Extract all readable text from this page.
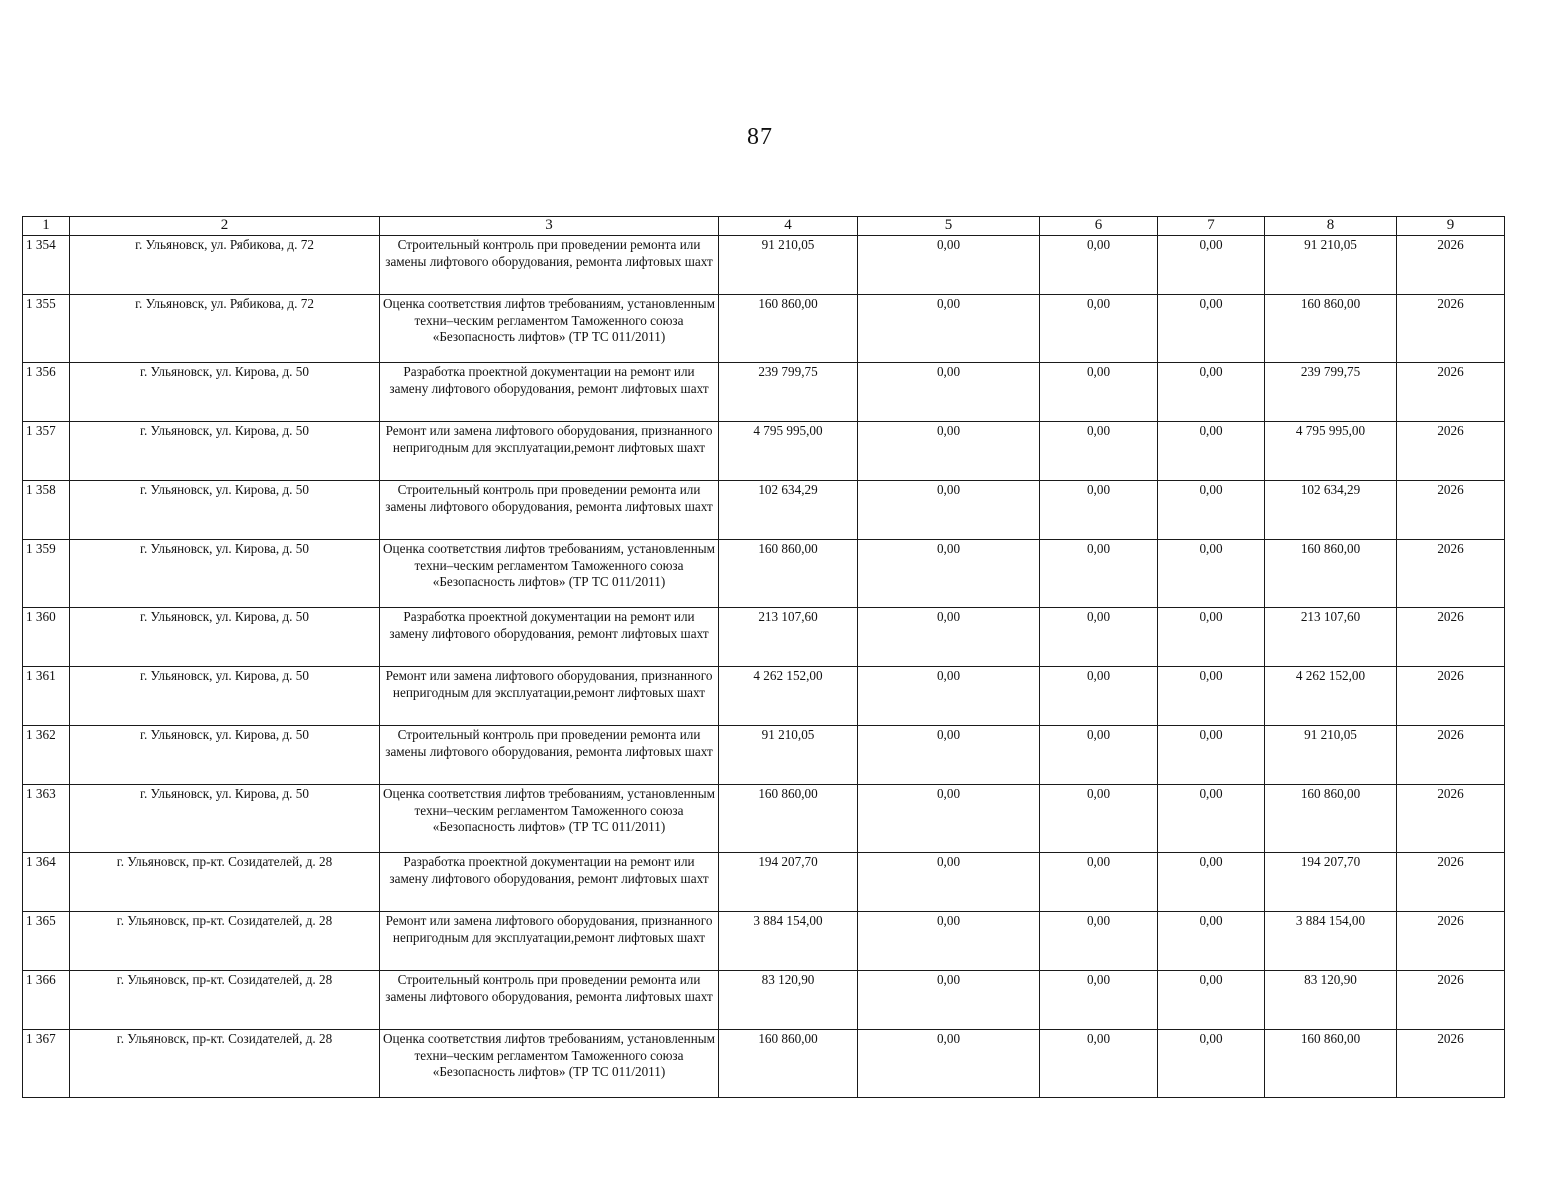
87
1	2	3	4	5	6	7	8	9
1 354	г. Ульяновск, ул. Рябикова, д. 72	Строительный контроль при проведении ремонта или замены лифтового оборудования, ремонта лифтовых шахт	91 210,05	0,00	0,00	0,00	91 210,05	2026
1 355	г. Ульяновск, ул. Рябикова, д. 72	Оценка соответствия лифтов требованиям, установленным техни–ческим регламентом Таможенного союза «Безопасность лифтов» (ТР ТС 011/2011)	160 860,00	0,00	0,00	0,00	160 860,00	2026
1 356	г. Ульяновск, ул. Кирова, д. 50	Разработка проектной документации на ремонт или замену лифтового оборудования, ремонт лифтовых шахт	239 799,75	0,00	0,00	0,00	239 799,75	2026
1 357	г. Ульяновск, ул. Кирова, д. 50	Ремонт или замена лифтового оборудования, признанного непригодным для эксплуатации,ремонт лифтовых шахт	4 795 995,00	0,00	0,00	0,00	4 795 995,00	2026
1 358	г. Ульяновск, ул. Кирова, д. 50	Строительный контроль при проведении ремонта или замены лифтового оборудования, ремонта лифтовых шахт	102 634,29	0,00	0,00	0,00	102 634,29	2026
1 359	г. Ульяновск, ул. Кирова, д. 50	Оценка соответствия лифтов требованиям, установленным техни–ческим регламентом Таможенного союза «Безопасность лифтов» (ТР ТС 011/2011)	160 860,00	0,00	0,00	0,00	160 860,00	2026
1 360	г. Ульяновск, ул. Кирова, д. 50	Разработка проектной документации на ремонт или замену лифтового оборудования, ремонт лифтовых шахт	213 107,60	0,00	0,00	0,00	213 107,60	2026
1 361	г. Ульяновск, ул. Кирова, д. 50	Ремонт или замена лифтового оборудования, признанного непригодным для эксплуатации,ремонт лифтовых шахт	4 262 152,00	0,00	0,00	0,00	4 262 152,00	2026
1 362	г. Ульяновск, ул. Кирова, д. 50	Строительный контроль при проведении ремонта или замены лифтового оборудования, ремонта лифтовых шахт	91 210,05	0,00	0,00	0,00	91 210,05	2026
1 363	г. Ульяновск, ул. Кирова, д. 50	Оценка соответствия лифтов требованиям, установленным техни–ческим регламентом Таможенного союза «Безопасность лифтов» (ТР ТС 011/2011)	160 860,00	0,00	0,00	0,00	160 860,00	2026
1 364	г. Ульяновск, пр-кт. Созидателей, д. 28	Разработка проектной документации на ремонт или замену лифтового оборудования, ремонт лифтовых шахт	194 207,70	0,00	0,00	0,00	194 207,70	2026
1 365	г. Ульяновск, пр-кт. Созидателей, д. 28	Ремонт или замена лифтового оборудования, признанного непригодным для эксплуатации,ремонт лифтовых шахт	3 884 154,00	0,00	0,00	0,00	3 884 154,00	2026
1 366	г. Ульяновск, пр-кт. Созидателей, д. 28	Строительный контроль при проведении ремонта или замены лифтового оборудования, ремонта лифтовых шахт	83 120,90	0,00	0,00	0,00	83 120,90	2026
1 367	г. Ульяновск, пр-кт. Созидателей, д. 28	Оценка соответствия лифтов требованиям, установленным техни–ческим регламентом Таможенного союза «Безопасность лифтов» (ТР ТС 011/2011)	160 860,00	0,00	0,00	0,00	160 860,00	2026
